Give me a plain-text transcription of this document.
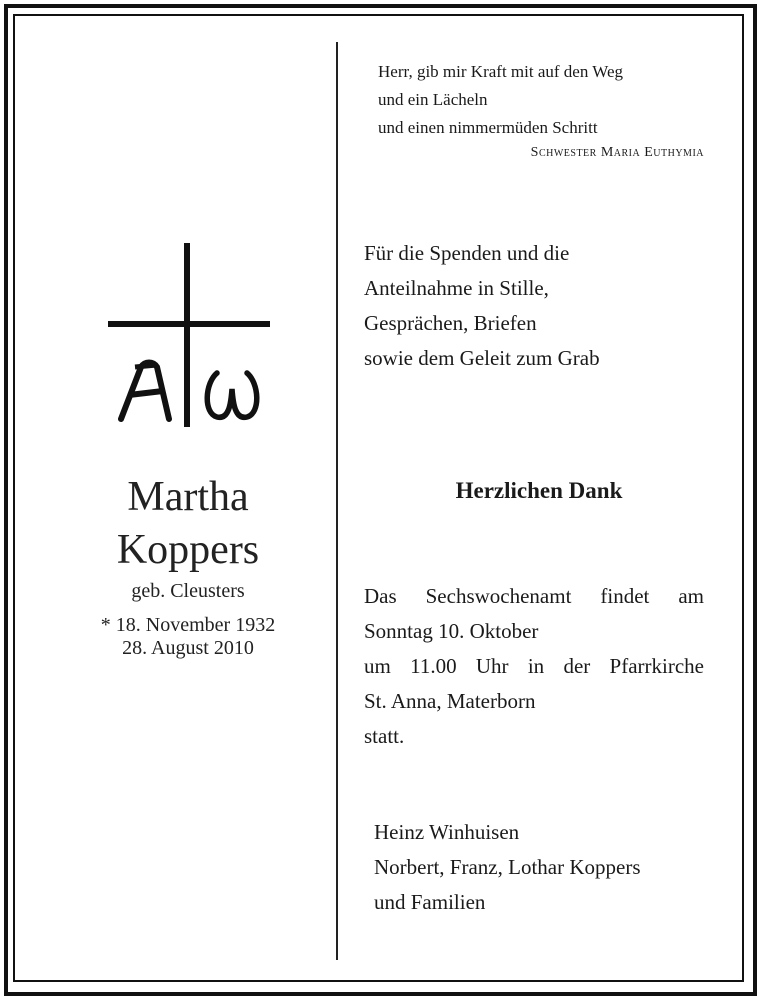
Martha
Koppers
geb. Cleusters
* 18. November 1932
28. August 2010
Herr, gib mir Kraft mit auf den Weg
und ein Lächeln
und einen nimmermüden Schritt
Schwester Maria Euthymia
Für die Spenden und die
Anteilnahme in Stille,
Gesprächen, Briefen
sowie dem Geleit zum Grab
Herzlichen Dank
Das Sechswochenamt findet am
Sonntag 10. Oktober
um 11.00 Uhr in der Pfarrkirche
St. Anna, Materborn
statt.
Heinz Winhuisen
Norbert, Franz, Lothar Koppers
und Familien
